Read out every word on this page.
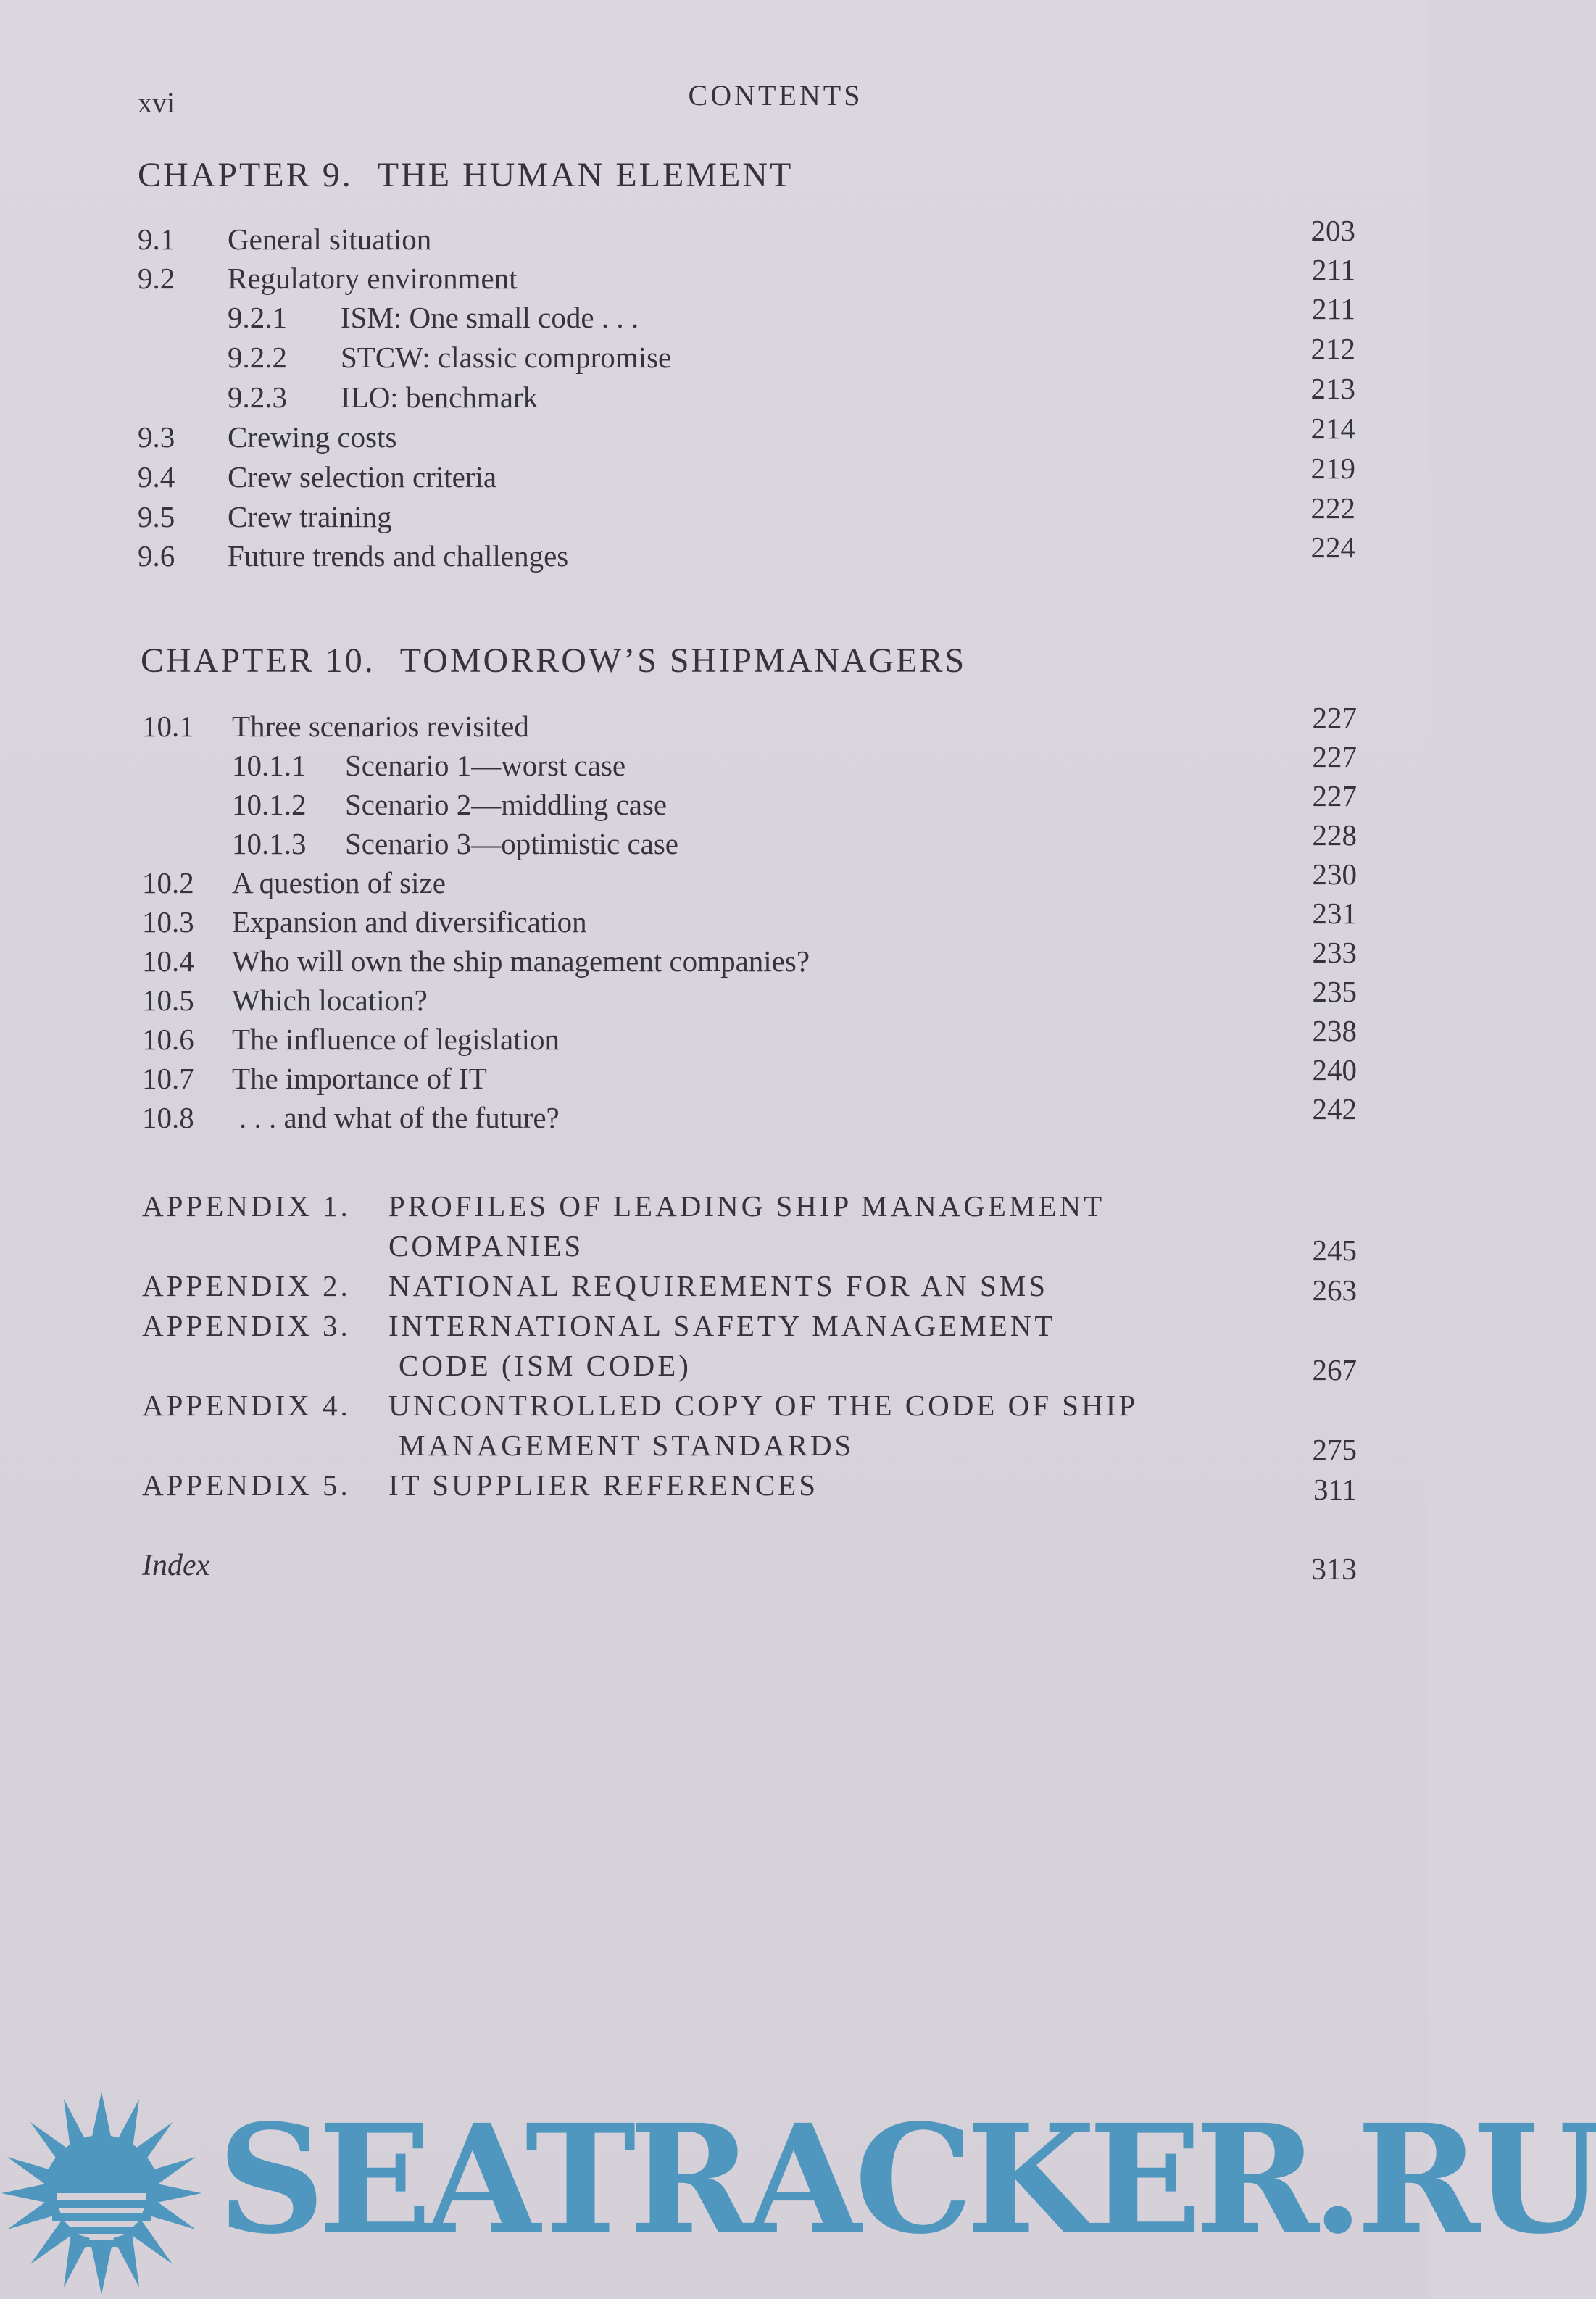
xvi	CONTENTS
CHAPTER 9. THE HUMAN ELEMENT
9.1 General situation	203
9.2 Regulatory environment	211
9.2.1 ISM: One small code . . .	211
9.2.2 STCW: classic compromise	212
9.2.3 ILO: benchmark	213
9.3 Crewing costs	214
9.4 Crew selection criteria	219
9.5 Crew training	222
9.6 Future trends and challenges	224
CHAPTER 10. TOMORROW’S SHIPMANAGERS
10.1 Three scenarios revisited	227
10.1.1 Scenario 1—worst case	227
10.1.2 Scenario 2—middling case	227
10.1.3 Scenario 3—optimistic case	228
10.2 A question of size	230
10.3 Expansion and diversification	231
10.4 Who will own the ship management companies?	233
10.5 Which location?	235
10.6 The influence of legislation	238
10.7 The importance of IT	240
10.8 . . . and what of the future?	242
APPENDIX 1. PROFILES OF LEADING SHIP MANAGEMENT
COMPANIES	245
APPENDIX 2. NATIONAL REQUIREMENTS FOR AN SMS	263
APPENDIX 3. INTERNATIONAL SAFETY MANAGEMENT
CODE (ISM CODE)	267
APPENDIX 4. UNCONTROLLED COPY OF THE CODE OF SHIP
MANAGEMENT STANDARDS	275
APPENDIX 5. IT SUPPLIER REFERENCES	311
Index	313
SEATRACKER.RU
